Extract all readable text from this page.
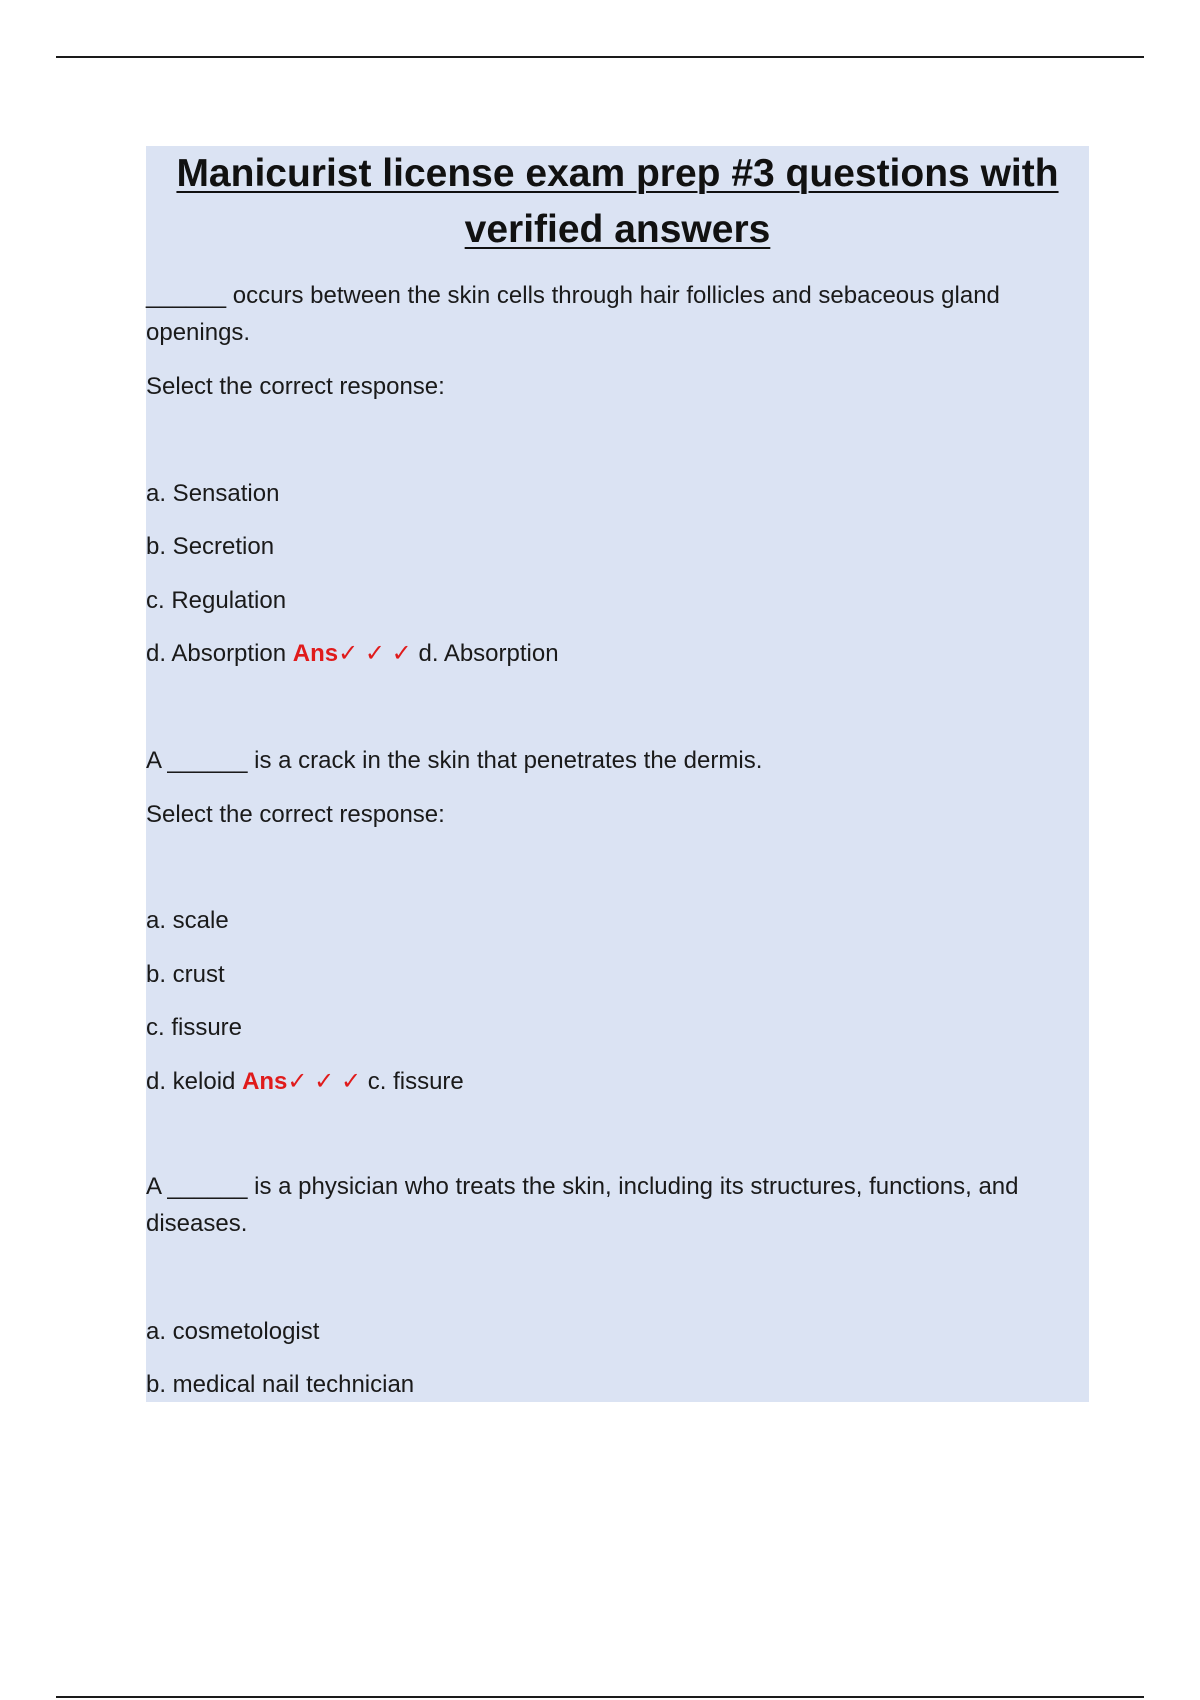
Manicurist license exam prep #3 questions with
verified answers
______ occurs between the skin cells through hair follicles and sebaceous gland
openings.
Select the correct response:
a. Sensation
b. Secretion
c. Regulation
d. Absorption Ans✓ ✓ ✓ d. Absorption
A ______ is a crack in the skin that penetrates the dermis.
Select the correct response:
a. scale
b. crust
c. fissure
d. keloid Ans✓ ✓ ✓ c. fissure
A ______ is a physician who treats the skin, including its structures, functions, and
diseases.
a. cosmetologist
b. medical nail technician
